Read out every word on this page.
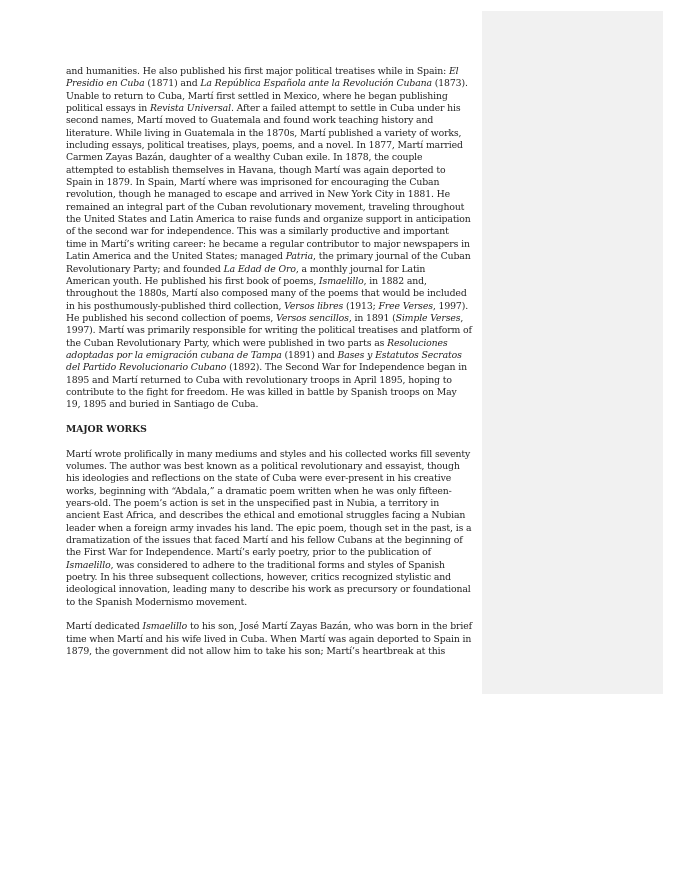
and humanities. He also published his first major political treatises while in Spain: El Presidio en Cuba (1871) and La República Española ante la Revolución Cubana (1873). Unable to return to Cuba, Martí first settled in Mexico, where he began publishing political essays in Revista Universal. After a failed attempt to settle in Cuba under his second names, Martí moved to Guatemala and found work teaching history and literature. While living in Guatemala in the 1870s, Martí published a variety of works, including essays, political treatises, plays, poems, and a novel. In 1877, Martí married Carmen Zayas Bazán, daughter of a wealthy Cuban exile. In 1878, the couple attempted to establish themselves in Havana, though Martí was again deported to Spain in 1879. In Spain, Martí where was imprisoned for encouraging the Cuban revolution, though he managed to escape and arrived in New York City in 1881. He remained an integral part of the Cuban revolutionary movement, traveling throughout the United States and Latin America to raise funds and organize support in anticipation of the second war for independence. This was a similarly productive and important time in Martí’s writing career: he became a regular contributor to major newspapers in Latin America and the United States; managed Patria, the primary journal of the Cuban Revolutionary Party; and founded La Edad de Oro, a monthly journal for Latin American youth. He published his first book of poems, Ismaelillo, in 1882 and, throughout the 1880s, Martí also composed many of the poems that would be included in his posthumously-published third collection, Versos libres (1913; Free Verses, 1997). He published his second collection of poems, Versos sencillos, in 1891 (Simple Verses, 1997). Martí was primarily responsible for writing the political treatises and platform of the Cuban Revolutionary Party, which were published in two parts as Resoluciones adoptadas por la emigración cubana de Tampa (1891) and Bases y Estatutos Secratos del Partido Revolucionario Cubano (1892). The Second War for Independence began in 1895 and Martí returned to Cuba with revolutionary troops in April 1895, hoping to contribute to the fight for freedom. He was killed in battle by Spanish troops on May 19, 1895 and buried in Santiago de Cuba.

MAJOR WORKS

Martí wrote prolifically in many mediums and styles and his collected works fill seventy volumes. The author was best known as a political revolutionary and essayist, though his ideologies and reflections on the state of Cuba were ever-present in his creative works, beginning with “Abdala,” a dramatic poem written when he was only fifteen-years-old. The poem’s action is set in the unspecified past in Nubia, a territory in ancient East Africa, and describes the ethical and emotional struggles facing a Nubian leader when a foreign army invades his land. The epic poem, though set in the past, is a dramatization of the issues that faced Martí and his fellow Cubans at the beginning of the First War for Independence. Martí’s early poetry, prior to the publication of Ismaelillo, was considered to adhere to the traditional forms and styles of Spanish poetry. In his three subsequent collections, however, critics recognized stylistic and ideological innovation, leading many to describe his work as precursory or foundational to the Spanish Modernismo movement.

Martí dedicated Ismaelillo to his son, José Martí Zayas Bazán, who was born in the brief time when Martí and his wife lived in Cuba. When Martí was again deported to Spain in 1879, the government did not allow him to take his son; Martí’s heartbreak at this
